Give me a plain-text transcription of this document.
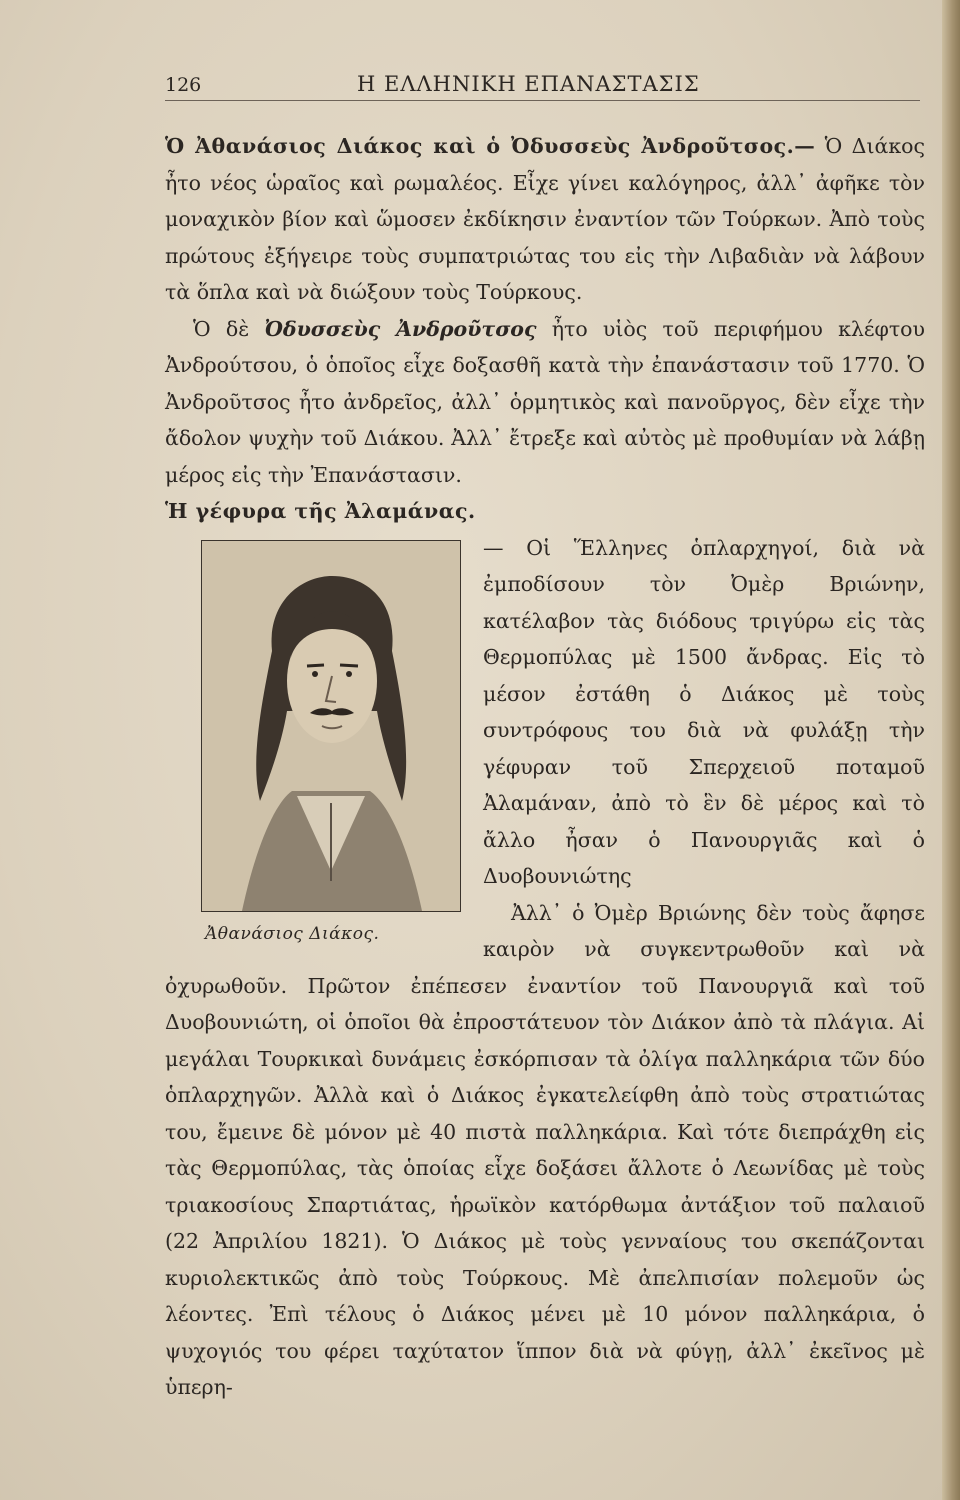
126	Η ΕΛΛΗΝΙΚΗ ΕΠΑΝΑΣΤΑΣΙΣ

Ὁ Ἀθανάσιος Διάκος καὶ ὁ Ὀδυσσεὺς Ἀνδροῦτσος.— Ὁ Διάκος ἦτο νέος ὡραῖος καὶ ρωμαλέος. Εἶχε γίνει καλόγηρος, ἀλλ᾽ ἀφῆκε τὸν μοναχικὸν βίον καὶ ὥμοσεν ἐκδίκησιν ἐναντίον τῶν Τούρκων. Ἀπὸ τοὺς πρώτους ἐξήγειρε τοὺς συμπατριώτας του εἰς τὴν Λιβαδιὰν νὰ λάβουν τὰ ὅπλα καὶ νὰ διώξουν τοὺς Τούρκους.

Ὁ δὲ Ὀδυσσεὺς Ἀνδροῦτσος ἦτο υἱὸς τοῦ περιφήμου κλέφτου Ἀνδρούτσου, ὁ ὁποῖος εἶχε δοξασθῆ κατὰ τὴν ἐπανάστασιν τοῦ 1770. Ὁ Ἀνδροῦτσος ἦτο ἀνδρεῖος, ἀλλ᾽ ὁρμητικὸς καὶ πανοῦργος, δὲν εἶχε τὴν ἄδολον ψυχὴν τοῦ Διάκου. Ἀλλ᾽ ἔτρεξε καὶ αὐτὸς μὲ προθυμίαν νὰ λάβῃ μέρος εἰς τὴν Ἐπανάστασιν.

Ἡ γέφυρα τῆς Ἀλαμάνας.

Ἀθανάσιος Διάκος.

— Οἱ Ἕλληνες ὁπλαρχηγοί, διὰ νὰ ἐμποδίσουν τὸν Ὀμὲρ Βριώνην, κατέλαβον τὰς διόδους τριγύρω εἰς τὰς Θερμοπύλας μὲ 1500 ἄνδρας. Εἰς τὸ μέσον ἐστάθη ὁ Διάκος μὲ τοὺς συντρόφους του διὰ νὰ φυλάξῃ τὴν γέφυραν τοῦ Σπερχειοῦ ποταμοῦ Ἀλαμάναν, ἀπὸ τὸ ἓν δὲ μέρος καὶ τὸ ἄλλο ἦσαν ὁ Πανουργιᾶς καὶ ὁ Δυοβουνιώτης

Ἀλλ᾽ ὁ Ὀμὲρ Βριώνης δὲν τοὺς ἄφησε καιρὸν νὰ συγκεντρωθοῦν καὶ νὰ ὀχυρωθοῦν. Πρῶτον ἐπέπεσεν ἐναντίον τοῦ Πανουργιᾶ καὶ τοῦ Δυοβουνιώτη, οἱ ὁποῖοι θὰ ἐπροστάτευον τὸν Διάκον ἀπὸ τὰ πλάγια. Αἱ μεγάλαι Τουρκικαὶ δυνάμεις ἐσκόρπισαν τὰ ὀλίγα παλληκάρια τῶν δύο ὁπλαρχηγῶν. Ἀλλὰ καὶ ὁ Διάκος ἐγκατελείφθη ἀπὸ τοὺς στρατιώτας του, ἔμεινε δὲ μόνον μὲ 40 πιστὰ παλληκάρια. Καὶ τότε διεπράχθη εἰς τὰς Θερμοπύλας, τὰς ὁποίας εἶχε δοξάσει ἄλλοτε ὁ Λεωνίδας μὲ τοὺς τριακοσίους Σπαρτιάτας, ἡρωϊκὸν κατόρθωμα ἀντάξιον τοῦ παλαιοῦ (22 Ἀπριλίου 1821). Ὁ Διάκος μὲ τοὺς γενναίους του σκεπάζονται κυριολεκτικῶς ἀπὸ τοὺς Τούρκους. Μὲ ἀπελπισίαν πολεμοῦν ὡς λέοντες. Ἐπὶ τέλους ὁ Διάκος μένει μὲ 10 μόνον παλληκάρια, ὁ ψυχογιός του φέρει ταχύτατον ἵππον διὰ νὰ φύγῃ, ἀλλ᾽ ἐκεῖνος μὲ ὑπερη-
